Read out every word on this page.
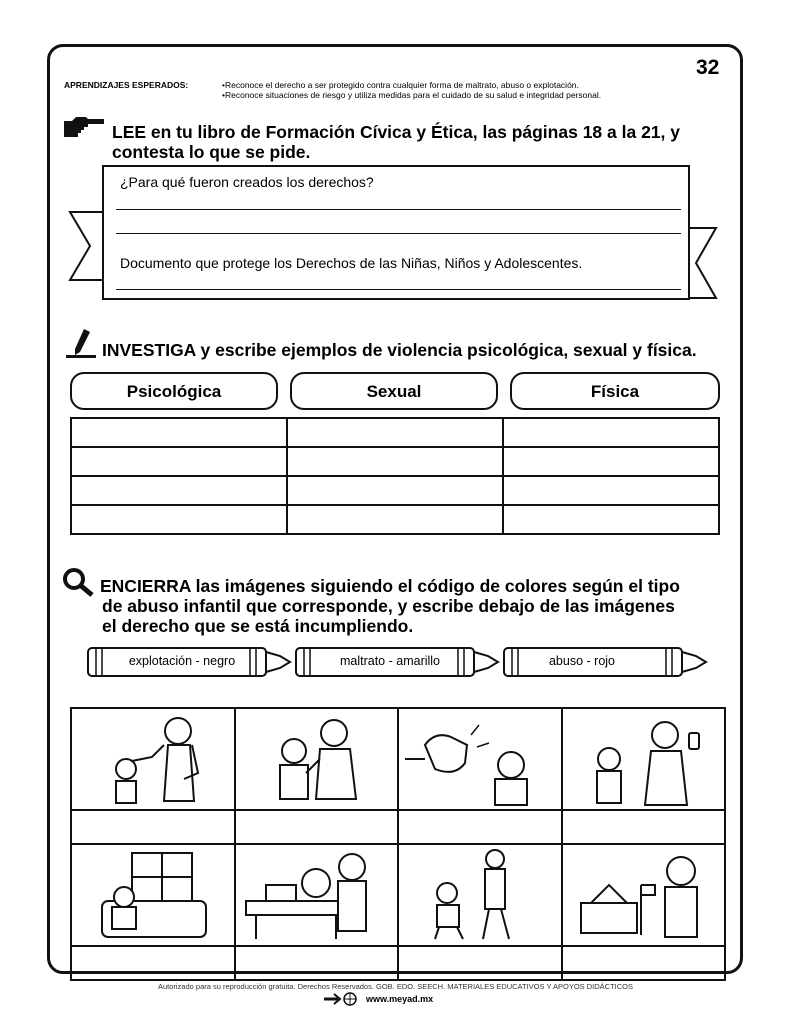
32
APRENDIZAJES ESPERADOS:	•Reconoce el derecho a ser protegido contra cualquier forma de maltrato, abuso o explotación.
•Reconoce situaciones de riesgo y utiliza medidas para el cuidado de su salud e integridad personal.
LEE en tu libro de Formación Cívica y Ética, las páginas 18 a la 21, y
contesta lo que se pide.
¿Para qué fueron creados los derechos?
Documento que protege los Derechos de las Niñas, Niños y Adolescentes.
INVESTIGA y escribe ejemplos de violencia psicológica, sexual y física.
Psicológica	Sexual	Física

ENCIERRA las imágenes siguiendo el código de colores según el tipo
de abuso infantil que corresponde, y escribe debajo de las imágenes
el derecho que se está incumpliendo.
explotación - negro	maltrato - amarillo	abuso - rojo

Autorizado para su reproducción gratuita. Derechos Reservados. GOB. EDO. SEECH. MATERIALES EDUCATIVOS Y APOYOS DIDÁCTICOS
www.meyad.mx
